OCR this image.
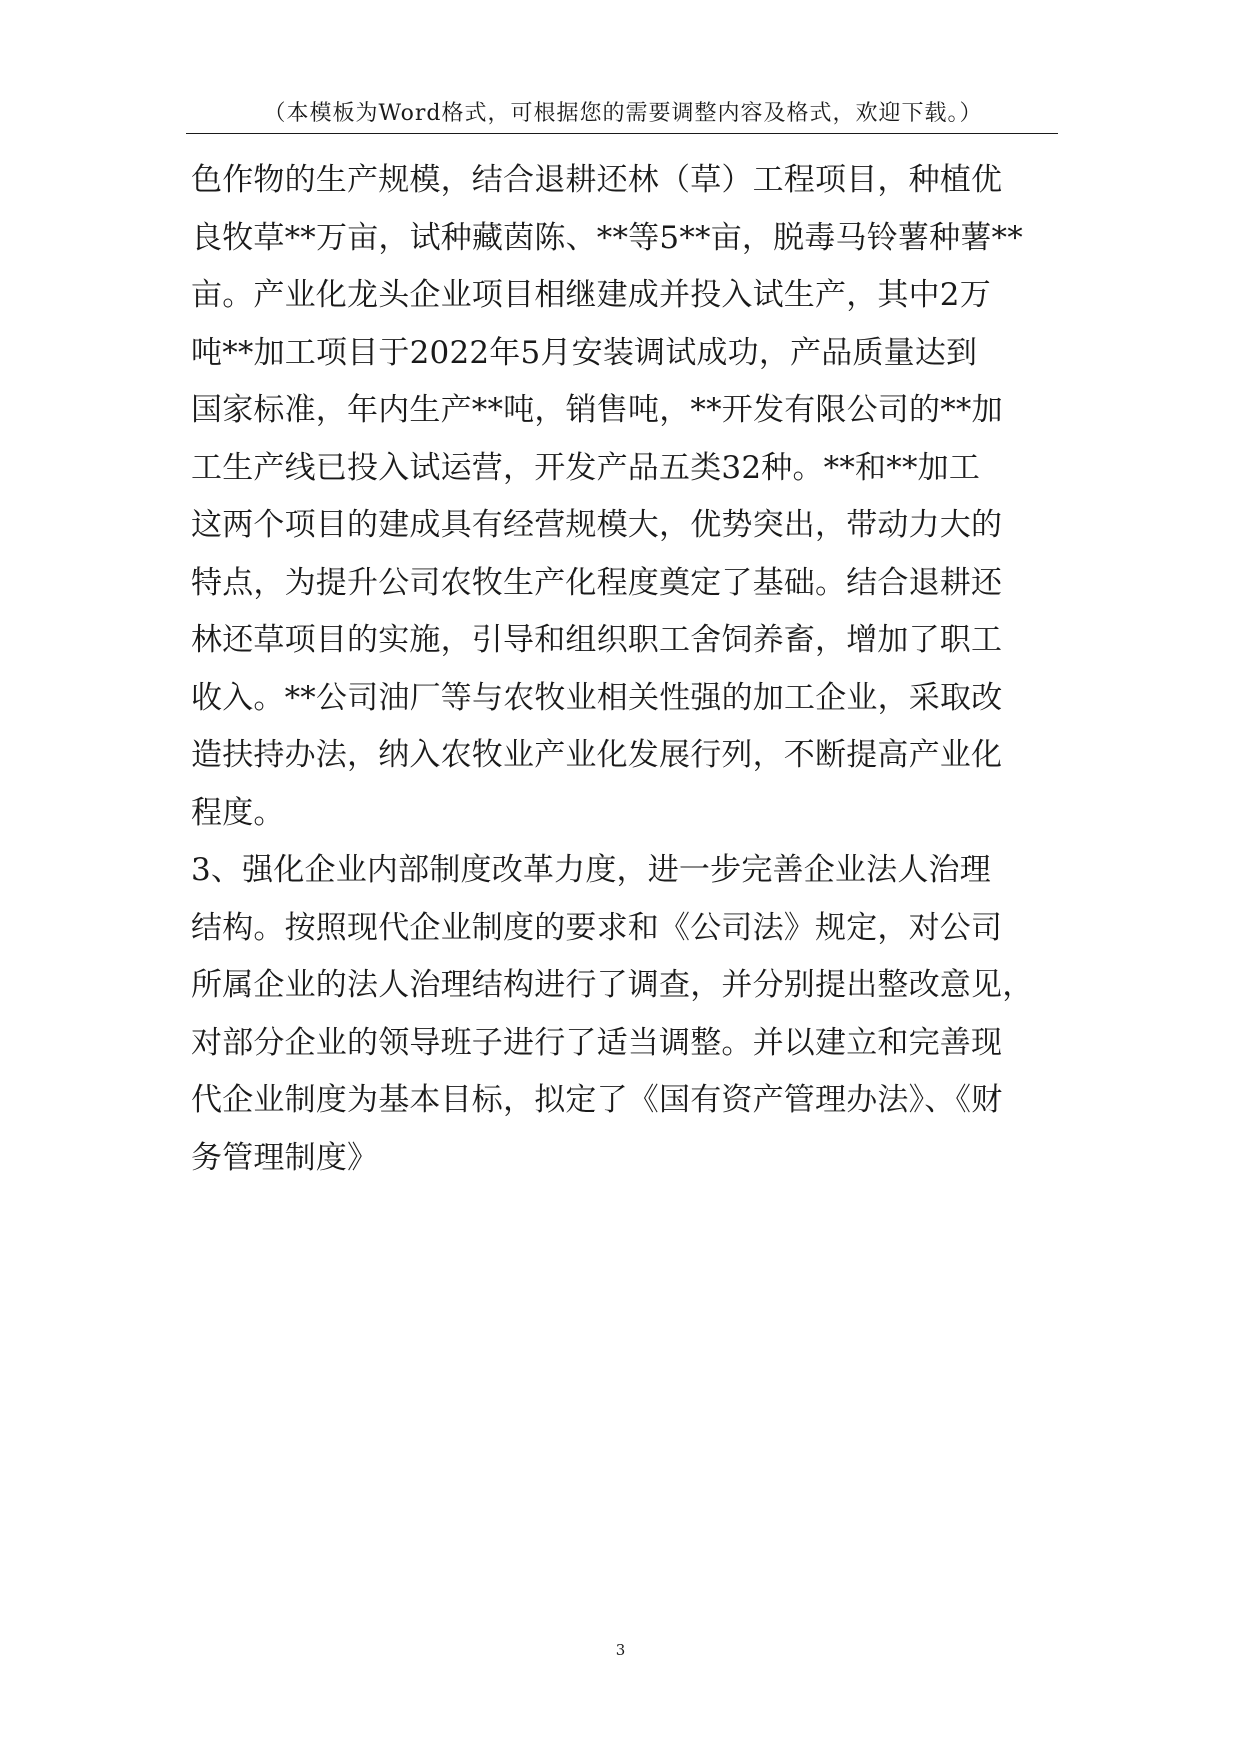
（本模板为Word格式，可根据您的需要调整内容及格式，欢迎下载。）
色作物的生产规模，结合退耕还林（草）工程项目，种植优
良牧草**万亩，试种藏茵陈、**等5**亩，脱毒马铃薯种薯**
亩。产业化龙头企业项目相继建成并投入试生产，其中2万
吨**加工项目于2022年5月安装调试成功，产品质量达到
国家标准，年内生产**吨，销售吨，**开发有限公司的**加
工生产线已投入试运营，开发产品五类32种。**和**加工
这两个项目的建成具有经营规模大，优势突出，带动力大的
特点，为提升公司农牧生产化程度奠定了基础。结合退耕还
林还草项目的实施，引导和组织职工舍饲养畜，增加了职工
收入。**公司油厂等与农牧业相关性强的加工企业，采取改
造扶持办法，纳入农牧业产业化发展行列，不断提高产业化
程度。
3、强化企业内部制度改革力度，进一步完善企业法人治理
结构。按照现代企业制度的要求和《公司法》规定，对公司
所属企业的法人治理结构进行了调查，并分别提出整改意见，
对部分企业的领导班子进行了适当调整。并以建立和完善现
代企业制度为基本目标，拟定了《国有资产管理办法》、《财
务管理制度》
3
